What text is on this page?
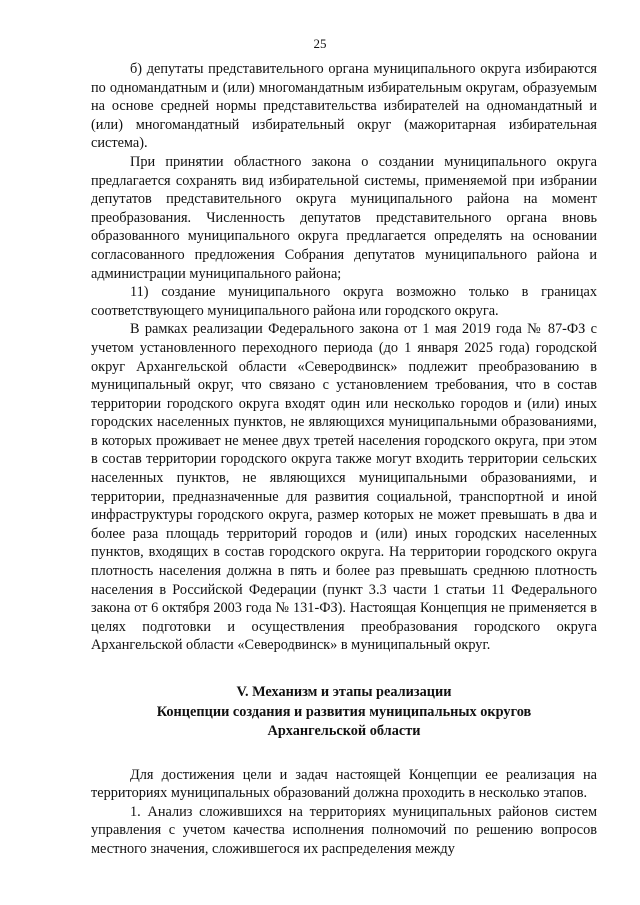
25

б) депутаты представительного органа муниципального округа избираются по одномандатным и (или) многомандатным избирательным округам, образуемым на основе средней нормы представительства избирателей на одномандатный и (или) многомандатный избирательный округ (мажоритарная избирательная система).

При принятии областного закона о создании муниципального округа предлагается сохранять вид избирательной системы, применяемой при избрании депутатов представительного округа муниципального района на момент преобразования. Численность депутатов представительного органа вновь образованного муниципального округа предлагается определять на основании согласованного предложения Собрания депутатов муниципального района и администрации муниципального района;

11) создание муниципального округа возможно только в границах соответствующего муниципального района или городского округа.

В рамках реализации Федерального закона от 1 мая 2019 года № 87-ФЗ с учетом установленного переходного периода (до 1 января 2025 года) городской округ Архангельской области «Северодвинск» подлежит преобразованию в муниципальный округ, что связано с установлением требования, что в состав территории городского округа входят один или несколько городов и (или) иных городских населенных пунктов, не являющихся муниципальными образованиями, в которых проживает не менее двух третей населения городского округа, при этом в состав территории городского округа также могут входить территории сельских населенных пунктов, не являющихся муниципальными образованиями, и территории, предназначенные для развития социальной, транспортной и иной инфраструктуры городского округа, размер которых не может превышать в два и более раза площадь территорий городов и (или) иных городских населенных пунктов, входящих в состав городского округа. На территории городского округа плотность населения должна в пять и более раз превышать среднюю плотность населения в Российской Федерации (пункт 3.3 части 1 статьи 11 Федерального закона от 6 октября 2003 года № 131-ФЗ). Настоящая Концепция не применяется в целях подготовки и осуществления преобразования городского округа Архангельской области «Северодвинск» в муниципальный округ.

V. Механизм и этапы реализации
Концепции создания и развития муниципальных округов
Архангельской области

Для достижения цели и задач настоящей Концепции ее реализация на территориях муниципальных образований должна проходить в несколько этапов.

1. Анализ сложившихся на территориях муниципальных районов систем управления с учетом качества исполнения полномочий по решению вопросов местного значения, сложившегося их распределения между
